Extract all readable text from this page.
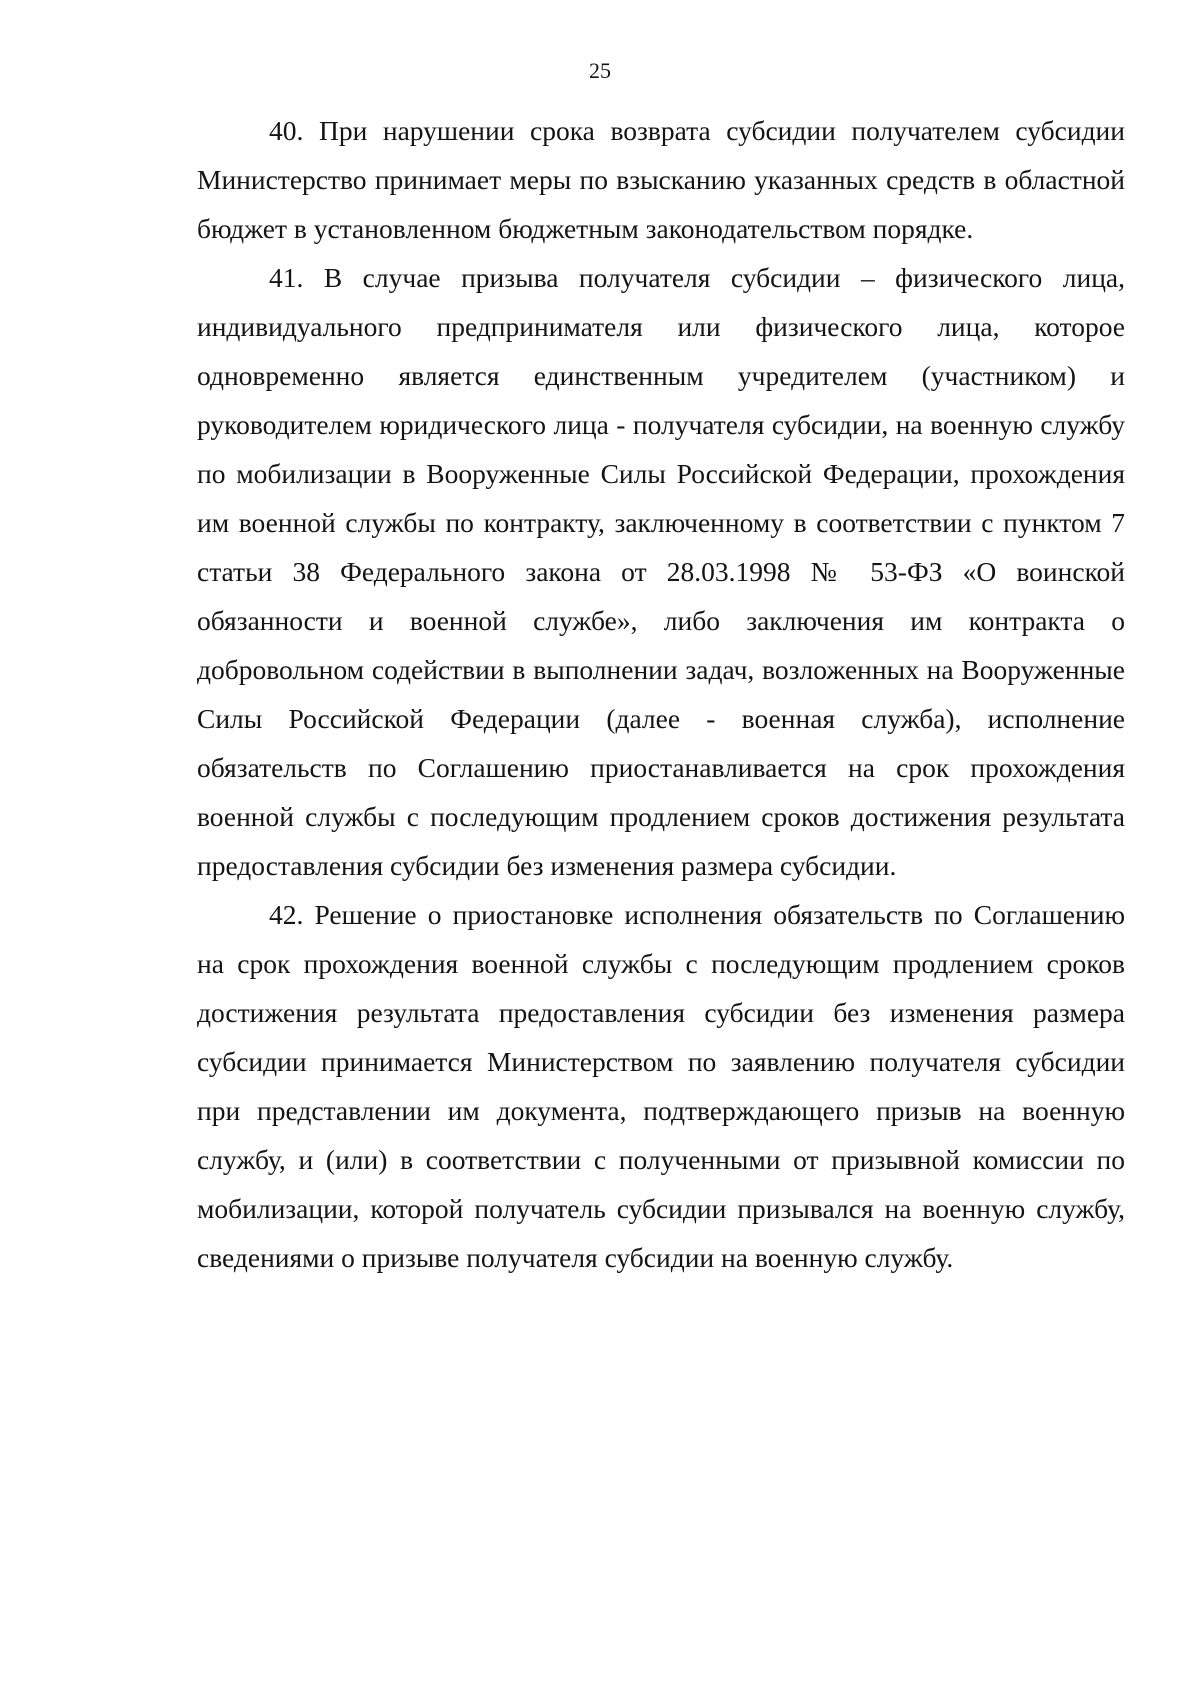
25

40. При нарушении срока возврата субсидии получателем субсидии Министерство принимает меры по взысканию указанных средств в областной бюджет в установленном бюджетным законодательством порядке.

41. В случае призыва получателя субсидии – физического лица, индивидуального предпринимателя или физического лица, которое одновременно является единственным учредителем (участником) и руководителем юридического лица - получателя субсидии, на военную службу по мобилизации в Вооруженные Силы Российской Федерации, прохождения им военной службы по контракту, заключенному в соответствии с пунктом 7 статьи 38 Федерального закона от 28.03.1998 № 53-ФЗ «О воинской обязанности и военной службе», либо заключения им контракта о добровольном содействии в выполнении задач, возложенных на Вооруженные Силы Российской Федерации (далее - военная служба), исполнение обязательств по Соглашению приостанавливается на срок прохождения военной службы с последующим продлением сроков достижения результата предоставления субсидии без изменения размера субсидии.

42. Решение о приостановке исполнения обязательств по Соглашению на срок прохождения военной службы с последующим продлением сроков достижения результата предоставления субсидии без изменения размера субсидии принимается Министерством по заявлению получателя субсидии при представлении им документа, подтверждающего призыв на военную службу, и (или) в соответствии с полученными от призывной комиссии по мобилизации, которой получатель субсидии призывался на военную службу, сведениями о призыве получателя субсидии на военную службу.
